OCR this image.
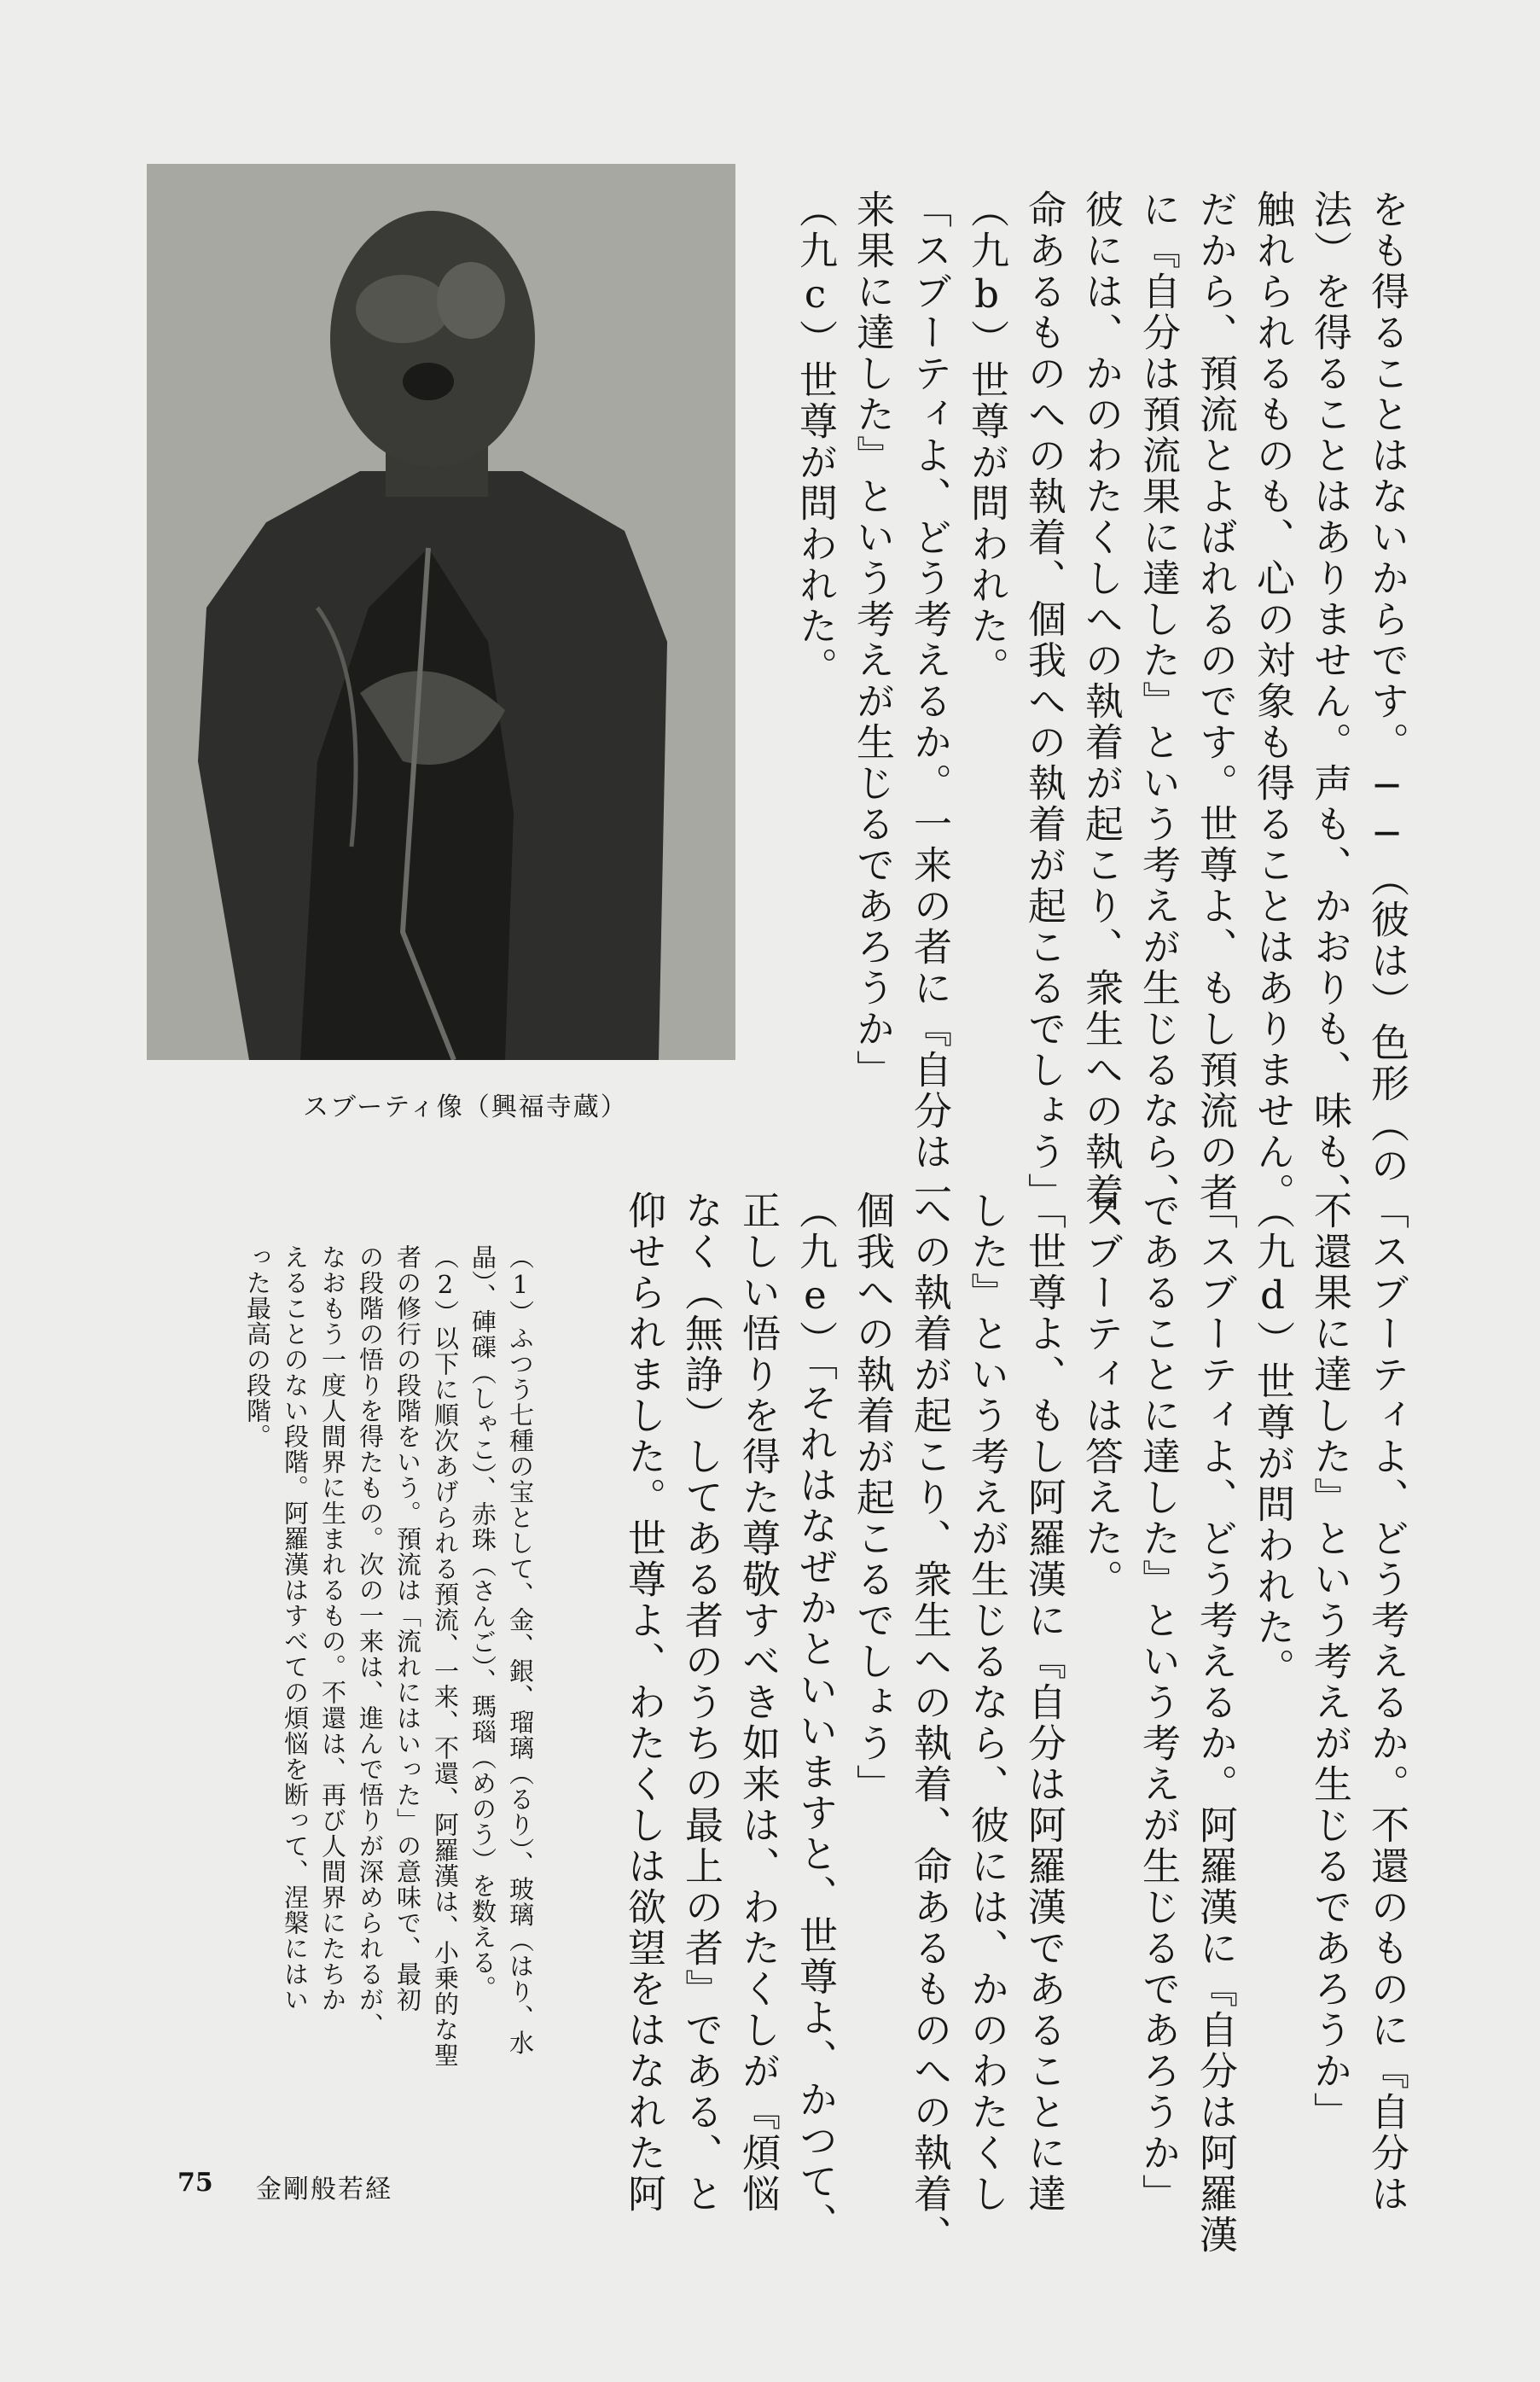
スブーティ像（興福寺蔵）	をも得ることはないからです。──（彼は）色形（の
法）を得ることはありません。声も、かおりも、味も、
触れられるものも、心の対象も得ることはありません。
だから、預流とよばれるのです。世尊よ、もし預流の者
に『自分は預流果に達した』という考えが生じるなら、
彼には、かのわたくしへの執着が起こり、衆生への執着、
命あるものへの執着、個我への執着が起こるでしょう」
（九b）世尊が問われた。
「スブーティよ、どう考えるか。一来の者に『自分は一
来果に達した』という考えが生じるであろうか」
（九c）世尊が問われた。
「スブーティよ、どう考えるか。不還のものに『自分は
不還果に達した』という考えが生じるであろうか」
（九d）世尊が問われた。
「スブーティよ、どう考えるか。阿羅漢に『自分は阿羅漢
であることに達した』という考えが生じるであろうか」
スブーティは答えた。
「世尊よ、もし阿羅漢に『自分は阿羅漢であることに達
した』という考えが生じるなら、彼には、かのわたくし
への執着が起こり、衆生への執着、命あるものへの執着、
個我への執着が起こるでしょう」
（九e）「それはなぜかといいますと、世尊よ、かつて、
正しい悟りを得た尊敬すべき如来は、わたくしが『煩悩
なく（無諍）してある者のうちの最上の者』である、と
仰せられました。世尊よ、わたくしは欲望をはなれた阿
（1）ふつう七種の宝として、金、銀、瑠璃（るり）、玻璃（はり、水
晶）、硨磲（しゃこ）、赤珠（さんご）、瑪瑙（めのう）を数える。
（2）以下に順次あげられる預流、一来、不還、阿羅漢は、小乗的な聖
者の修行の段階をいう。預流は「流れにはいった」の意味で、最初
の段階の悟りを得たもの。次の一来は、進んで悟りが深められるが、
なおもう一度人間界に生まれるもの。不還は、再び人間界にたちか
えることのない段階。阿羅漢はすべての煩悩を断って、涅槃にはい
った最高の段階。
75 金剛般若経
